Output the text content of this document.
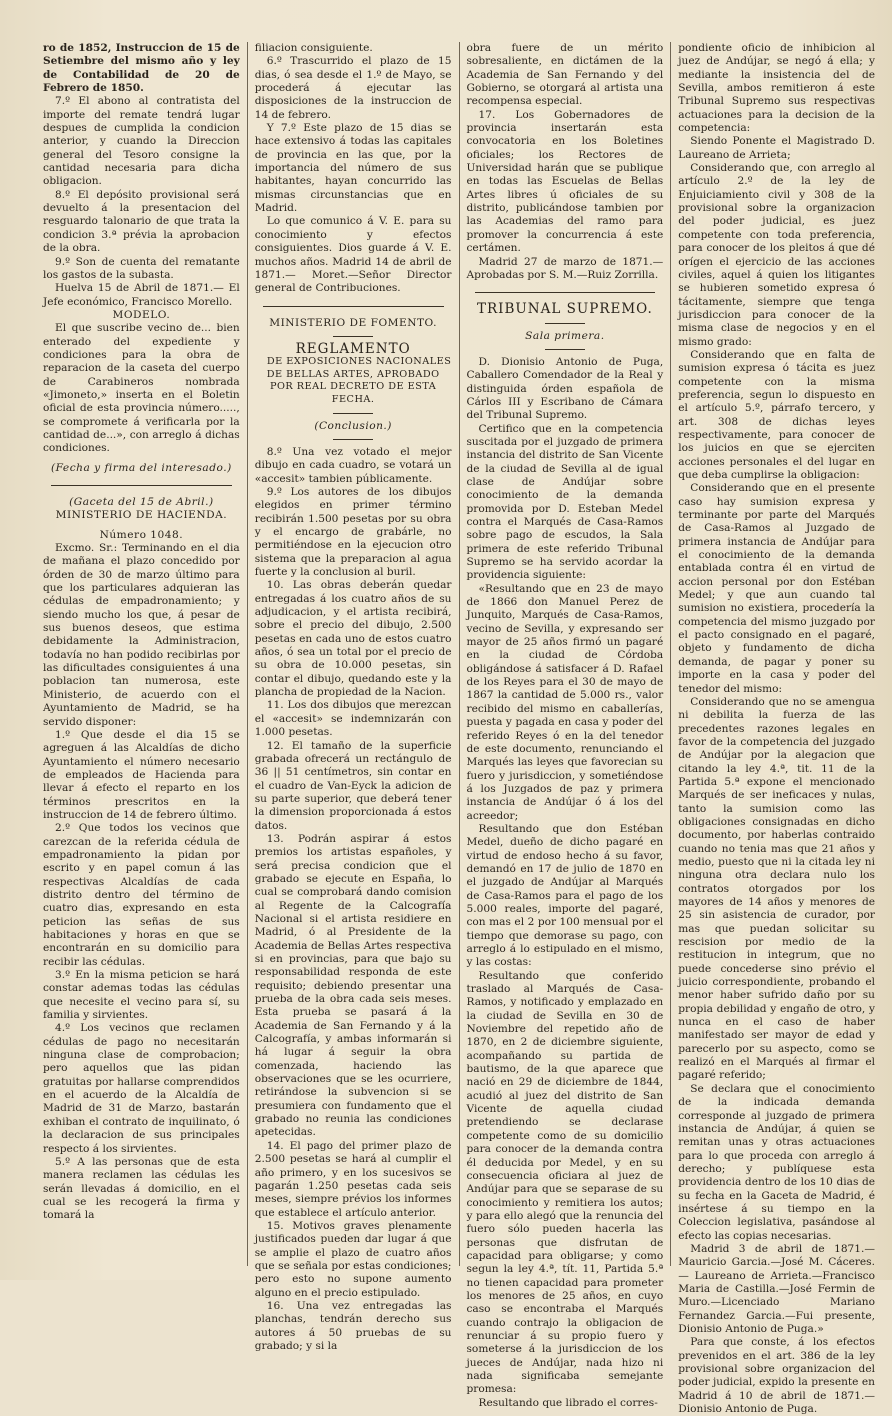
ro de 1852, Instruccion de 15 de Setiembre del mismo año y ley de Contabilidad de 20 de Febrero de 1850.

7.º El abono al contratista del importe del remate tendrá lugar despues de cumplida la condicion anterior, y cuando la Direccion general del Tesoro consigne la cantidad necesaria para dicha obligacion.

8.º El depósito provisional será devuelto á la presentacion del resguardo talonario de que trata la condicion 3.ª prévia la aprobacion de la obra.

9.º Son de cuenta del rematante los gastos de la subasta.

Huelva 15 de Abril de 1871.— El Jefe económico, Francisco Morello.

MODELO.

El que suscribe vecino de... bien enterado del expediente y condiciones para la obra de reparacion de la caseta del cuerpo de Carabineros nombrada «Jimoneto,» inserta en el Boletin oficial de esta provincia número....., se compromete á verificarla por la cantidad de...», con arreglo á dichas condiciones.

(Fecha y firma del interesado.)

(Gaceta del 15 de Abril.)

MINISTERIO DE HACIENDA.

Número 1048.

Excmo. Sr.: Terminando en el dia de mañana el plazo concedido por órden de 30 de marzo último para que los particulares adquieran las cédulas de empadronamiento; y siendo mucho los que, á pesar de sus buenos deseos, que estima debidamente la Administracion, todavía no han podido recibirlas por las dificultades consiguientes á una poblacion tan numerosa, este Ministerio, de acuerdo con el Ayuntamiento de Madrid, se ha servido disponer:

1.º Que desde el dia 15 se agreguen á las Alcaldías de dicho Ayuntamiento el número necesario de empleados de Hacienda para llevar á efecto el reparto en los términos prescritos en la instruccion de 14 de febrero último.

2.º Que todos los vecinos que carezcan de la referida cédula de empadronamiento la pidan por escrito y en papel comun á las respectivas Alcaldías de cada distrito dentro del término de cuatro dias, expresando en esta peticion las señas de sus habitaciones y horas en que se encontrarán en su domicilio para recibir las cédulas.

3.º En la misma peticion se hará constar ademas todas las cédulas que necesite el vecino para sí, su familia y sirvientes.

4.º Los vecinos que reclamen cédulas de pago no necesitarán ninguna clase de comprobacion; pero aquellos que las pidan gratuitas por hallarse comprendidos en el acuerdo de la Alcaldía de Madrid de 31 de Marzo, bastarán exhiban el contrato de inquilinato, ó la declaracion de sus principales respecto á los sirvientes.

5.º A las personas que de esta manera reclamen las cédulas les serán llevadas á domicilio, en el cual se les recogerá la firma y tomará la

filiacion consiguiente.

6.º Trascurrido el plazo de 15 dias, ó sea desde el 1.º de Mayo, se procederá á ejecutar las disposiciones de la instruccion de 14 de febrero.

Y 7.º Este plazo de 15 dias se hace extensivo á todas las capitales de provincia en las que, por la importancia del número de sus habitantes, hayan concurrido las mismas circunstancias que en Madrid.

Lo que comunico á V. E. para su conocimiento y efectos consiguientes. Dios guarde á V. E. muchos años. Madrid 14 de abril de 1871.— Moret.—Señor Director general de Contribuciones.

MINISTERIO DE FOMENTO.

REGLAMENTO

DE EXPOSICIONES NACIONALES DE BELLAS ARTES, APROBADO POR REAL DECRETO DE ESTA FECHA.

(Conclusion.)

8.º Una vez votado el mejor dibujo en cada cuadro, se votará un «accesit» tambien públicamente.

9.º Los autores de los dibujos elegidos en primer término recibirán 1.500 pesetas por su obra y el encargo de grabárle, no permitiéndose en la ejecucion otro sistema que la preparacion al agua fuerte y la conclusion al buril.

10. Las obras deberán quedar entregadas á los cuatro años de su adjudicacion, y el artista recibirá, sobre el precio del dibujo, 2.500 pesetas en cada uno de estos cuatro años, ó sea un total por el precio de su obra de 10.000 pesetas, sin contar el dibujo, quedando este y la plancha de propiedad de la Nacion.

11. Los dos dibujos que merezcan el «accesit» se indemnizarán con 1.000 pesetas.

12. El tamaño de la superficie grabada ofrecerá un rectángulo de 36 || 51 centímetros, sin contar en el cuadro de Van-Eyck la adicion de su parte superior, que deberá tener la dimension proporcionada á estos datos.

13. Podrán aspirar á estos premios los artistas españoles, y será precisa condicion que el grabado se ejecute en España, lo cual se comprobará dando comision al Regente de la Calcografía Nacional si el artista residiere en Madrid, ó al Presidente de la Academia de Bellas Artes respectiva si en provincias, para que bajo su responsabilidad responda de este requisito; debiendo presentar una prueba de la obra cada seis meses. Esta prueba se pasará á la Academia de San Fernando y á la Calcografía, y ambas informarán si há lugar á seguir la obra comenzada, haciendo las observaciones que se les ocurriere, retirándose la subvencion si se presumiera con fundamento que el grabado no reunia las condiciones apetecidas.

14. El pago del primer plazo de 2.500 pesetas se hará al cumplir el año primero, y en los sucesivos se pagarán 1.250 pesetas cada seis meses, siempre prévios los informes que establece el artículo anterior.

15. Motivos graves plenamente justificados pueden dar lugar á que se amplie el plazo de cuatro años que se señala por estas condiciones; pero esto no supone aumento alguno en el precio estipulado.

16. Una vez entregadas las planchas, tendrán derecho sus autores á 50 pruebas de su grabado; y si la

obra fuere de un mérito sobresaliente, en dictámen de la Academia de San Fernando y del Gobierno, se otorgará al artista una recompensa especial.

17. Los Gobernadores de provincia insertarán esta convocatoria en los Boletines oficiales; los Rectores de Universidad harán que se publique en todas las Escuelas de Bellas Artes libres ú oficiales de su distrito, publicándose tambien por las Academias del ramo para promover la concurrencia á este certámen.

Madrid 27 de marzo de 1871.— Aprobadas por S. M.—Ruiz Zorrilla.

TRIBUNAL SUPREMO.

Sala primera.

D. Dionisio Antonio de Puga, Caballero Comendador de la Real y distinguida órden española de Cárlos III y Escribano de Cámara del Tribunal Supremo.

Certifico que en la competencia suscitada por el juzgado de primera instancia del distrito de San Vicente de la ciudad de Sevilla al de igual clase de Andújar sobre conocimiento de la demanda promovida por D. Esteban Medel contra el Marqués de Casa-Ramos sobre pago de escudos, la Sala primera de este referido Tribunal Supremo se ha servido acordar la providencia siguiente:

«Resultando que en 23 de mayo de 1866 don Manuel Perez de Junquito, Marqués de Casa-Ramos, vecino de Sevilla, y expresando ser mayor de 25 años firmó un pagaré en la ciudad de Córdoba obligándose á satisfacer á D. Rafael de los Reyes para el 30 de mayo de 1867 la cantidad de 5.000 rs., valor recibido del mismo en caballerías, puesta y pagada en casa y poder del referido Reyes ó en la del tenedor de este documento, renunciando el Marqués las leyes que favorecian su fuero y jurisdiccion, y sometiéndose á los Juzgados de paz y primera instancia de Andújar ó á los del acreedor;

Resultando que don Estéban Medel, dueño de dicho pagaré en virtud de endoso hecho á su favor, demandó en 17 de julio de 1870 en el juzgado de Andújar al Marqués de Casa-Ramos para el pago de los 5.000 reales, importe del pagaré, con mas el 2 por 100 mensual por el tiempo que demorase su pago, con arreglo á lo estipulado en el mismo, y las costas:

Resultando que conferido traslado al Marqués de Casa-Ramos, y notificado y emplazado en la ciudad de Sevilla en 30 de Noviembre del repetido año de 1870, en 2 de diciembre siguiente, acompañando su partida de bautismo, de la que aparece que nació en 29 de diciembre de 1844, acudió al juez del distrito de San Vicente de aquella ciudad pretendiendo se declarase competente como de su domicilio para conocer de la demanda contra él deducida por Medel, y en su consecuencia oficiara al juez de Andújar para que se separase de su conocimiento y remitiera los autos; y para ello alegó que la renuncia del fuero sólo pueden hacerla las personas que disfrutan de capacidad para obligarse; y como segun la ley 4.ª, tít. 11, Partida 5.ª no tienen capacidad para prometer los menores de 25 años, en cuyo caso se encontraba el Marqués cuando contrajo la obligacion de renunciar á su propio fuero y someterse á la jurisdiccion de los jueces de Andújar, nada hizo ni nada significaba semejante promesa:

Resultando que librado el corres-

pondiente oficio de inhibicion al juez de Andújar, se negó á ella; y mediante la insistencia del de Sevilla, ambos remitieron á este Tribunal Supremo sus respectivas actuaciones para la decision de la competencia:

Siendo Ponente el Magistrado D. Laureano de Arrieta;

Considerando que, con arreglo al artículo 2.º de la ley de Enjuiciamiento civil y 308 de la provisional sobre la organizacion del poder judicial, es juez competente con toda preferencia, para conocer de los pleitos á que dé orígen el ejercicio de las acciones civiles, aquel á quien los litigantes se hubieren sometido expresa ó tácitamente, siempre que tenga jurisdiccion para conocer de la misma clase de negocios y en el mismo grado:

Considerando que en falta de sumision expresa ó tácita es juez competente con la misma preferencia, segun lo dispuesto en el artículo 5.º, párrafo tercero, y art. 308 de dichas leyes respectivamente, para conocer de los juicios en que se ejerciten acciones personales el del lugar en que deba cumplirse la obligacion:

Considerando que en el presente caso hay sumision expresa y terminante por parte del Marqués de Casa-Ramos al Juzgado de primera instancia de Andújar para el conocimiento de la demanda entablada contra él en virtud de accion personal por don Estéban Medel; y que aun cuando tal sumision no existiera, procedería la competencia del mismo juzgado por el pacto consignado en el pagaré, objeto y fundamento de dicha demanda, de pagar y poner su importe en la casa y poder del tenedor del mismo:

Considerando que no se amengua ni debilita la fuerza de las precedentes razones legales en favor de la competencia del juzgado de Andújar por la alegacion que citando la ley 4.ª, tit. 11 de la Partida 5.ª expone el mencionado Marqués de ser ineficaces y nulas, tanto la sumision como las obligaciones consignadas en dicho documento, por haberlas contraido cuando no tenia mas que 21 años y medio, puesto que ni la citada ley ni ninguna otra declara nulo los contratos otorgados por los mayores de 14 años y menores de 25 sin asistencia de curador, por mas que puedan solicitar su rescision por medio de la restitucion in integrum, que no puede concederse sino prévio el juicio correspondiente, probando el menor haber sufrido daño por su propia debilidad y engaño de otro, y nunca en el caso de haber manifestado ser mayor de edad y parecerlo por su aspecto, como se realizó en el Marqués al firmar el pagaré referido;

Se declara que el conocimiento de la indicada demanda corresponde al juzgado de primera instancia de Andújar, á quien se remitan unas y otras actuaciones para lo que proceda con arreglo á derecho; y publíquese esta providencia dentro de los 10 dias de su fecha en la Gaceta de Madrid, é insértese á su tiempo en la Coleccion legislativa, pasándose al efecto las copias necesarias.

Madrid 3 de abril de 1871.—Mauricio Garcia.—José M. Cáceres.— Laureano de Arrieta.—Francisco Maria de Castilla.—José Fermin de Muro.—Licenciado Mariano Fernandez Garcia.—Fui presente, Dionisio Antonio de Puga.»

Para que conste, á los efectos prevenidos en el art. 386 de la ley provisional sobre organizacion del poder judicial, expido la presente en Madrid á 10 de abril de 1871.—Dionisio Antonio de Puga.
